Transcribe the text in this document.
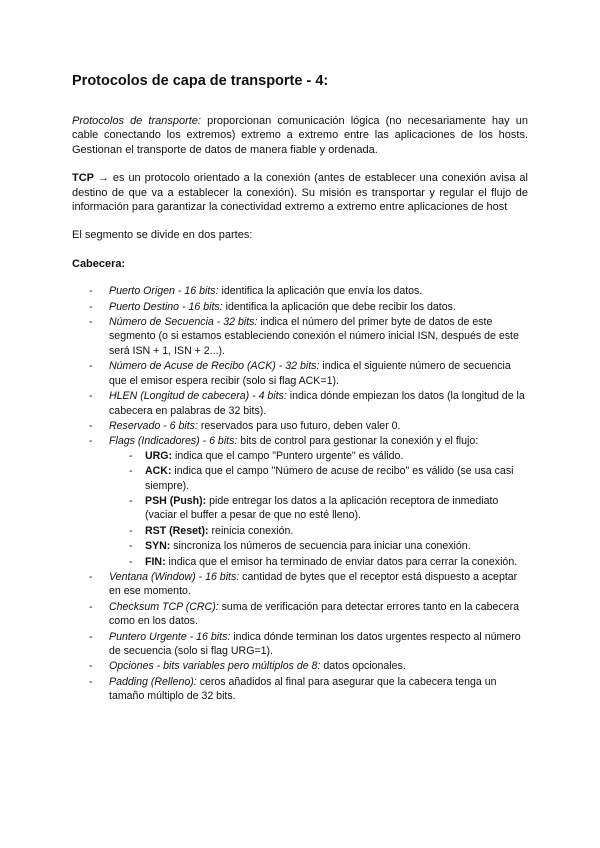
Protocolos de capa de transporte - 4:

Protocolos de transporte: proporcionan comunicación lógica (no necesariamente hay un cable conectando los extremos) extremo a extremo entre las aplicaciones de los hosts. Gestionan el transporte de datos de manera fiable y ordenada.

TCP → es un protocolo orientado a la conexión (antes de establecer una conexión avisa al destino de que va a establecer la conexión). Su misión es transportar y regular el flujo de información para garantizar la conectividad extremo a extremo entre aplicaciones de host

El segmento se divide en dos partes:

Cabecera:
- Puerto Origen - 16 bits: identifica la aplicación que envía los datos.
- Puerto Destino - 16 bits: identifica la aplicación que debe recibir los datos.
- Número de Secuencia - 32 bits: indica el número del primer byte de datos de este segmento (o si estamos estableciendo conexión el número inicial ISN, después de este será ISN + 1, ISN + 2...).
- Número de Acuse de Recibo (ACK) - 32 bits: indica el siguiente número de secuencia que el emisor espera recibir (solo si flag ACK=1).
- HLEN (Longitud de cabecera) - 4 bits: indica dónde empiezan los datos (la longitud de la cabecera en palabras de 32 bits).
- Reservado - 6 bits: reservados para uso futuro, deben valer 0.
- Flags (Indicadores) - 6 bits: bits de control para gestionar la conexión y el flujo:
- URG: indica que el campo "Puntero urgente" es válido.
- ACK: indica que el campo "Número de acuse de recibo" es válido (se usa casi siempre).
- PSH (Push): pide entregar los datos a la aplicación receptora de inmediato (vaciar el buffer a pesar de que no esté lleno).
- RST (Reset): reinicia conexión.
- SYN: sincroniza los números de secuencia para iniciar una conexión.
- FIN: indica que el emisor ha terminado de enviar datos para cerrar la conexión.
- Ventana (Window) - 16 bits: cantidad de bytes que el receptor está dispuesto a aceptar en ese momento.
- Checksum TCP (CRC): suma de verificación para detectar errores tanto en la cabecera como en los datos.
- Puntero Urgente - 16 bits: indica dónde terminan los datos urgentes respecto al número de secuencia (solo si flag URG=1).
- Opciones - bits variables pero múltiplos de 8: datos opcionales.
- Padding (Relleno): ceros añadidos al final para asegurar que la cabecera tenga un tamaño múltiplo de 32 bits.
